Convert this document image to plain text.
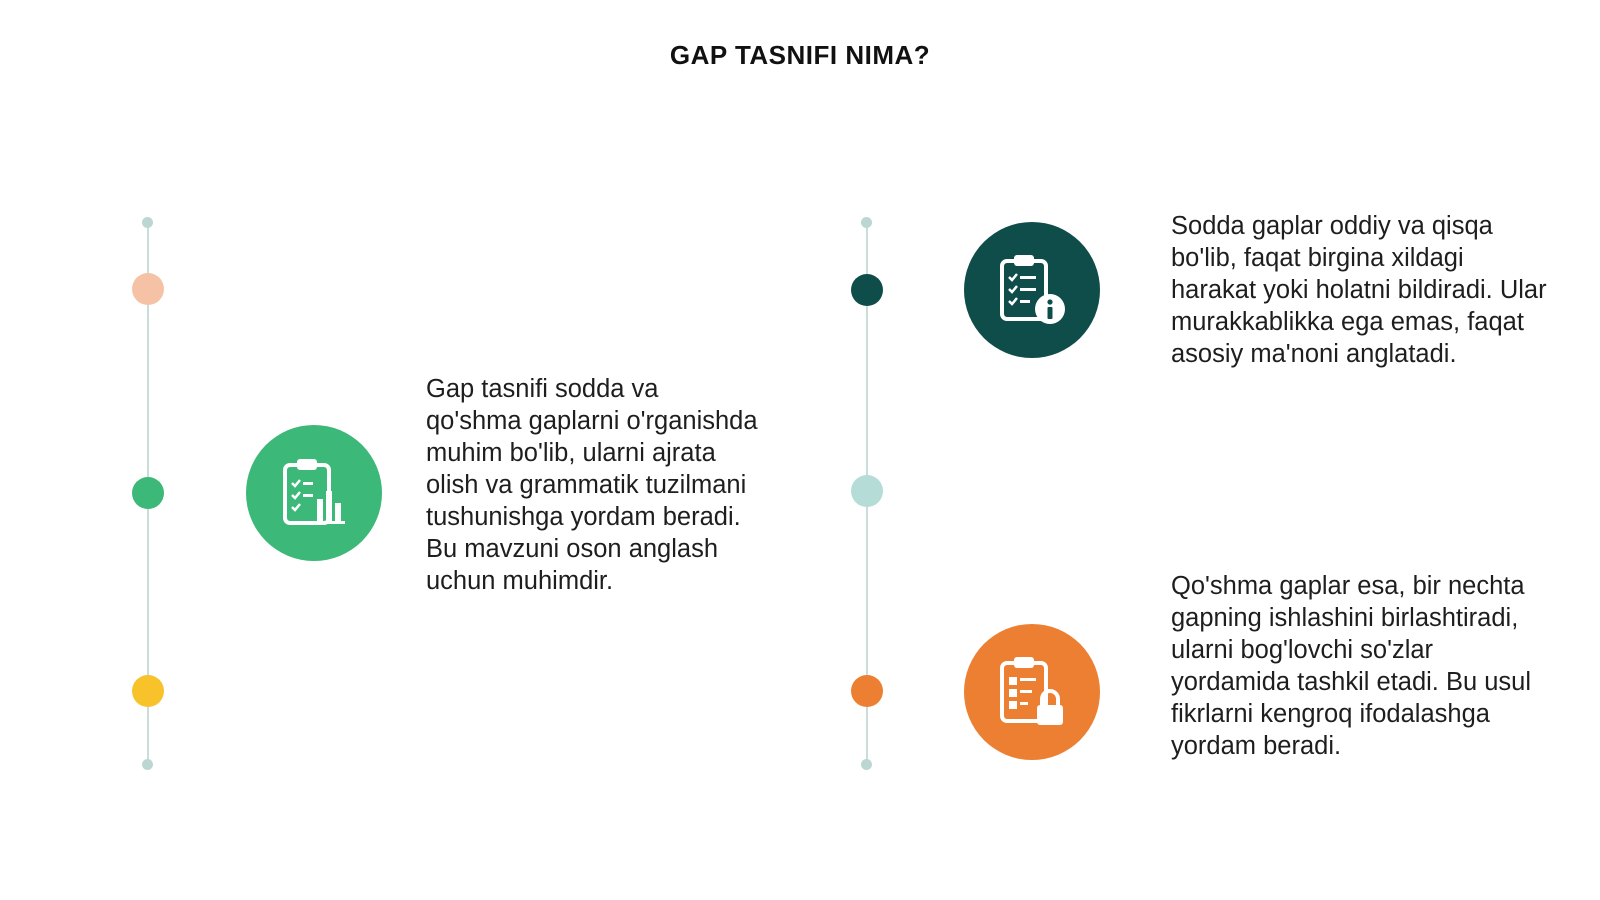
GAP TASNIFI NIMA?

Gap tasnifi sodda va qo'shma gaplarni o'rganishda muhim bo'lib, ularni ajrata olish va grammatik tuzilmani tushunishga yordam beradi. Bu mavzuni oson anglash uchun muhimdir.

Sodda gaplar oddiy va qisqa bo'lib, faqat birgina xildagi harakat yoki holatni bildiradi. Ular murakkablikka ega emas, faqat asosiy ma'noni anglatadi.

Qo'shma gaplar esa, bir nechta gapning ishlashini birlashtiradi, ularni bog'lovchi so'zlar yordamida tashkil etadi. Bu usul fikrlarni kengroq ifodalashga yordam beradi.
